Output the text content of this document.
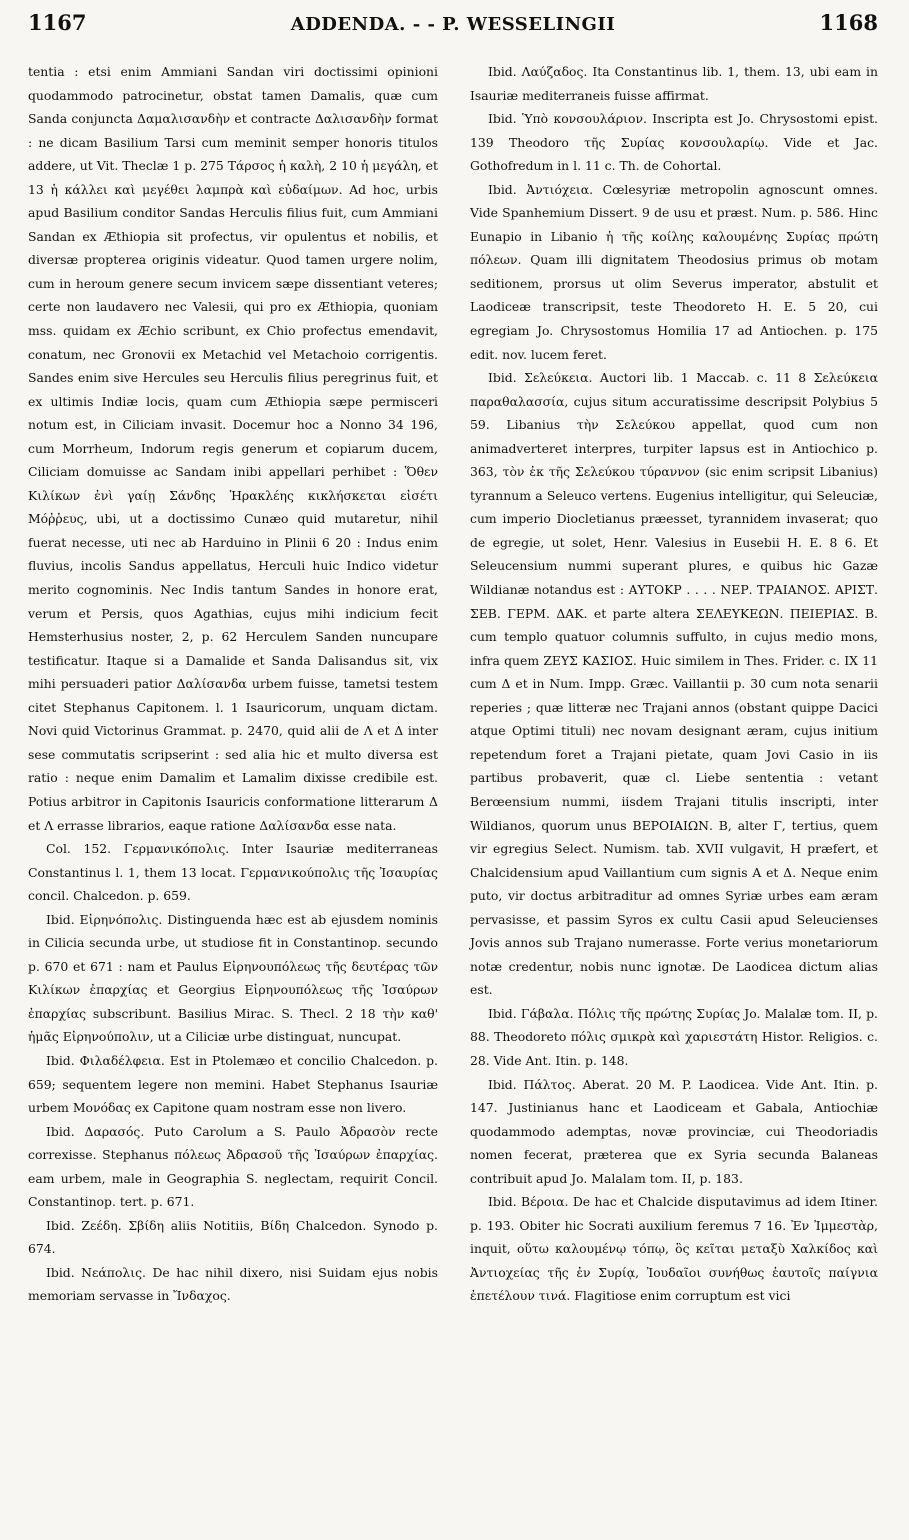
1167	ADDENDA. - - P. WESSELINGII	1168

tentia : etsi enim Ammiani Sandan viri doctissimi opinioni quodammodo patrocinetur, obstat tamen Damalis, quæ cum Sanda conjuncta Δαμαλισανδὴν et contracte Δαλισανδὴν format : ne dicam Basilium Tarsi cum meminit semper honoris titulos addere, ut Vit. Theclæ 1 p. 275 Τάρσος ἡ καλὴ, 2 10 ἡ μεγάλη, et 13 ἡ κάλλει καὶ μεγέθει λαμπρὰ καὶ εὐδαίμων. Ad hoc, urbis apud Basilium conditor Sandas Herculis filius fuit, cum Ammiani Sandan ex Æthiopia sit profectus, vir opulentus et nobilis, et diversæ propterea originis videatur. Quod tamen urgere nolim, cum in heroum genere secum invicem sæpe dissentiant veteres; certe non laudavero nec Valesii, qui pro ex Æthiopia, quoniam mss. quidam ex Æchio scribunt, ex Chio profectus emendavit, conatum, nec Gronovii ex Metachid vel Metachoio corrigentis. Sandes enim sive Hercules seu Herculis filius peregrinus fuit, et ex ultimis Indiæ locis, quam cum Æthiopia sæpe permisceri notum est, in Ciliciam invasit. Docemur hoc a Nonno 34 196, cum Morrheum, Indorum regis generum et copiarum ducem, Ciliciam domuisse ac Sandam inibi appellari perhibet : Ὅθεν Κιλίκων ἐνὶ γαίῃ Σάνδης Ἡρακλέης κικλήσκεται εἰσέτι Μόῤῥευς, ubi, ut a doctissimo Cunæo quid mutaretur, nihil fuerat necesse, uti nec ab Harduino in Plinii 6 20 : Indus enim fluvius, incolis Sandus appellatus, Herculi huic Indico videtur merito cognominis. Nec Indis tantum Sandes in honore erat, verum et Persis, quos Agathias, cujus mihi indicium fecit Hemsterhusius noster, 2, p. 62 Herculem Sanden nuncupare testificatur. Itaque si a Damalide et Sanda Dalisandus sit, vix mihi persuaderi patior Δαλίσανδα urbem fuisse, tametsi testem citet Stephanus Capitonem. l. 1 Isauricorum, unquam dictam. Novi quid Victorinus Grammat. p. 2470, quid alii de Λ et Δ inter sese commutatis scripserint : sed alia hic et multo diversa est ratio : neque enim Damalim et Lamalim dixisse credibile est. Potius arbitror in Capitonis Isauricis conformatione litterarum Δ et Λ errasse librarios, eaque ratione Δαλίσανδα esse nata.

Col. 152. Γερμανικόπολις. Inter Isauriæ mediterraneas Constantinus l. 1, them 13 locat. Γερμανικούπολις τῆς Ἰσαυρίας concil. Chalcedon. p. 659.

Ibid. Εἰρηνόπολις. Distinguenda hæc est ab ejusdem nominis in Cilicia secunda urbe, ut studiose fit in Constantinop. secundo p. 670 et 671 : nam et Paulus Εἰρηνουπόλεως τῆς δευτέρας τῶν Κιλίκων ἐπαρχίας et Georgius Εἰρηνουπόλεως τῆς Ἰσαύρων ἐπαρχίας subscribunt. Basilius Mirac. S. Thecl. 2 18 τὴν καθ' ἡμᾶς Εἰρηνούπολιν, ut a Ciliciæ urbe distinguat, nuncupat.

Ibid. Φιλαδέλφεια. Est in Ptolemæo et concilio Chalcedon. p. 659; sequentem legere non memini. Habet Stephanus Isauriæ urbem Μονόδας ex Capitone quam nostram esse non livero.

Ibid. Δαρασός. Puto Carolum a S. Paulo Ἀδρασὸν recte correxisse. Stephanus πόλεως Ἀδρασοῦ τῆς Ἰσαύρων ἐπαρχίας. eam urbem, male in Geographia S. neglectam, requirit Concil. Constantinop. tert. p. 671.

Ibid. Ζεέδη. Σβίδη aliis Notitiis, Βίδη Chalcedon. Synodo p. 674.

Ibid. Νεάπολις. De hac nihil dixero, nisi Suidam ejus nobis memoriam servasse in Ἴνδαχος.

Ibid. Λαύζαδος. Ita Constantinus lib. 1, them. 13, ubi eam in Isauriæ mediterraneis fuisse affirmat.

Ibid. Ὑπὸ κονσουλάριον. Inscripta est Jo. Chrysostomi epist. 139 Theodoro τῆς Συρίας κονσουλαρίῳ. Vide et Jac. Gothofredum in l. 11 c. Th. de Cohortal.

Ibid. Ἀντιόχεια. Cœlesyriæ metropolin agnoscunt omnes. Vide Spanhemium Dissert. 9 de usu et præst. Num. p. 586. Hinc Eunapio in Libanio ἡ τῆς κοίλης καλουμένης Συρίας πρώτη πόλεων. Quam illi dignitatem Theodosius primus ob motam seditionem, prorsus ut olim Severus imperator, abstulit et Laodiceæ transcripsit, teste Theodoreto H. E. 5 20, cui egregiam Jo. Chrysostomus Homilia 17 ad Antiochen. p. 175 edit. nov. lucem feret.

Ibid. Σελεύκεια. Auctori lib. 1 Maccab. c. 11 8 Σελεύκεια παραθαλασσία, cujus situm accuratissime descripsit Polybius 5 59. Libanius τὴν Σελεύκου appellat, quod cum non animadverteret interpres, turpiter lapsus est in Antiochico p. 363, τὸν ἐκ τῆς Σελεύκου τύραννον (sic enim scripsit Libanius) tyrannum a Seleuco vertens. Eugenius intelligitur, qui Seleuciæ, cum imperio Diocletianus præesset, tyrannidem invaserat; quo de egregie, ut solet, Henr. Valesius in Eusebii H. E. 8 6. Et Seleucensium nummi superant plures, e quibus hic Gazæ Wildianæ notandus est : ΑΥΤΟΚΡ . . . . ΝΕΡ. ΤΡΑΙΑΝΟΣ. ΑΡΙΣΤ. ΣΕΒ. ΓΕΡΜ. ΔΑΚ. et parte altera ΣΕΛΕΥΚΕΩΝ. ΠΕΙΕΡΙΑΣ. Β. cum templo quatuor columnis suffulto, in cujus medio mons, infra quem ΖΕΥΣ ΚΑΣΙΟΣ. Huic similem in Thes. Frider. c. IX 11 cum Δ et in Num. Impp. Græc. Vaillantii p. 30 cum nota senarii reperies ; quæ litteræ nec Trajani annos (obstant quippe Dacici atque Optimi tituli) nec novam designant æram, cujus initium repetendum foret a Trajani pietate, quam Jovi Casio in iis partibus probaverit, quæ cl. Liebe sententia : vetant Berœensium nummi, iisdem Trajani titulis inscripti, inter Wildianos, quorum unus ΒΕΡΟΙΑΙΩΝ. Β, alter Γ, tertius, quem vir egregius Select. Numism. tab. XVII vulgavit, Η præfert, et Chalcidensium apud Vaillantium cum signis Α et Δ. Neque enim puto, vir doctus arbitraditur ad omnes Syriæ urbes eam æram pervasisse, et passim Syros ex cultu Casii apud Seleucienses Jovis annos sub Trajano numerasse. Forte verius monetariorum notæ credentur, nobis nunc ignotæ. De Laodicea dictum alias est.

Ibid. Γάβαλα. Πόλις τῆς πρώτης Συρίας Jo. Malalæ tom. II, p. 88. Theodoreto πόλις σμικρὰ καὶ χαριεστάτη Histor. Religios. c. 28. Vide Ant. Itin. p. 148.

Ibid. Πάλτος. Aberat. 20 M. P. Laodicea. Vide Ant. Itin. p. 147. Justinianus hanc et Laodiceam et Gabala, Antiochiæ quodammodo ademptas, novæ provinciæ, cui Theodoriadis nomen fecerat, præterea que ex Syria secunda Balaneas contribuit apud Jo. Malalam tom. II, p. 183.

Ibid. Βέροια. De hac et Chalcide disputavimus ad idem Itiner. p. 193. Obiter hic Socrati auxilium feremus 7 16. Ἐν Ἰμμεστὰρ, inquit, οὕτω καλουμένῳ τόπῳ, ὃς κεῖται μεταξὺ Χαλκίδος καὶ Ἀντιοχείας τῆς ἐν Συρίᾳ, Ἰουδαῖοι συνήθως ἑαυτοῖς παίγνια ἐπετέλουν τινά. Flagitiose enim corruptum est vici
